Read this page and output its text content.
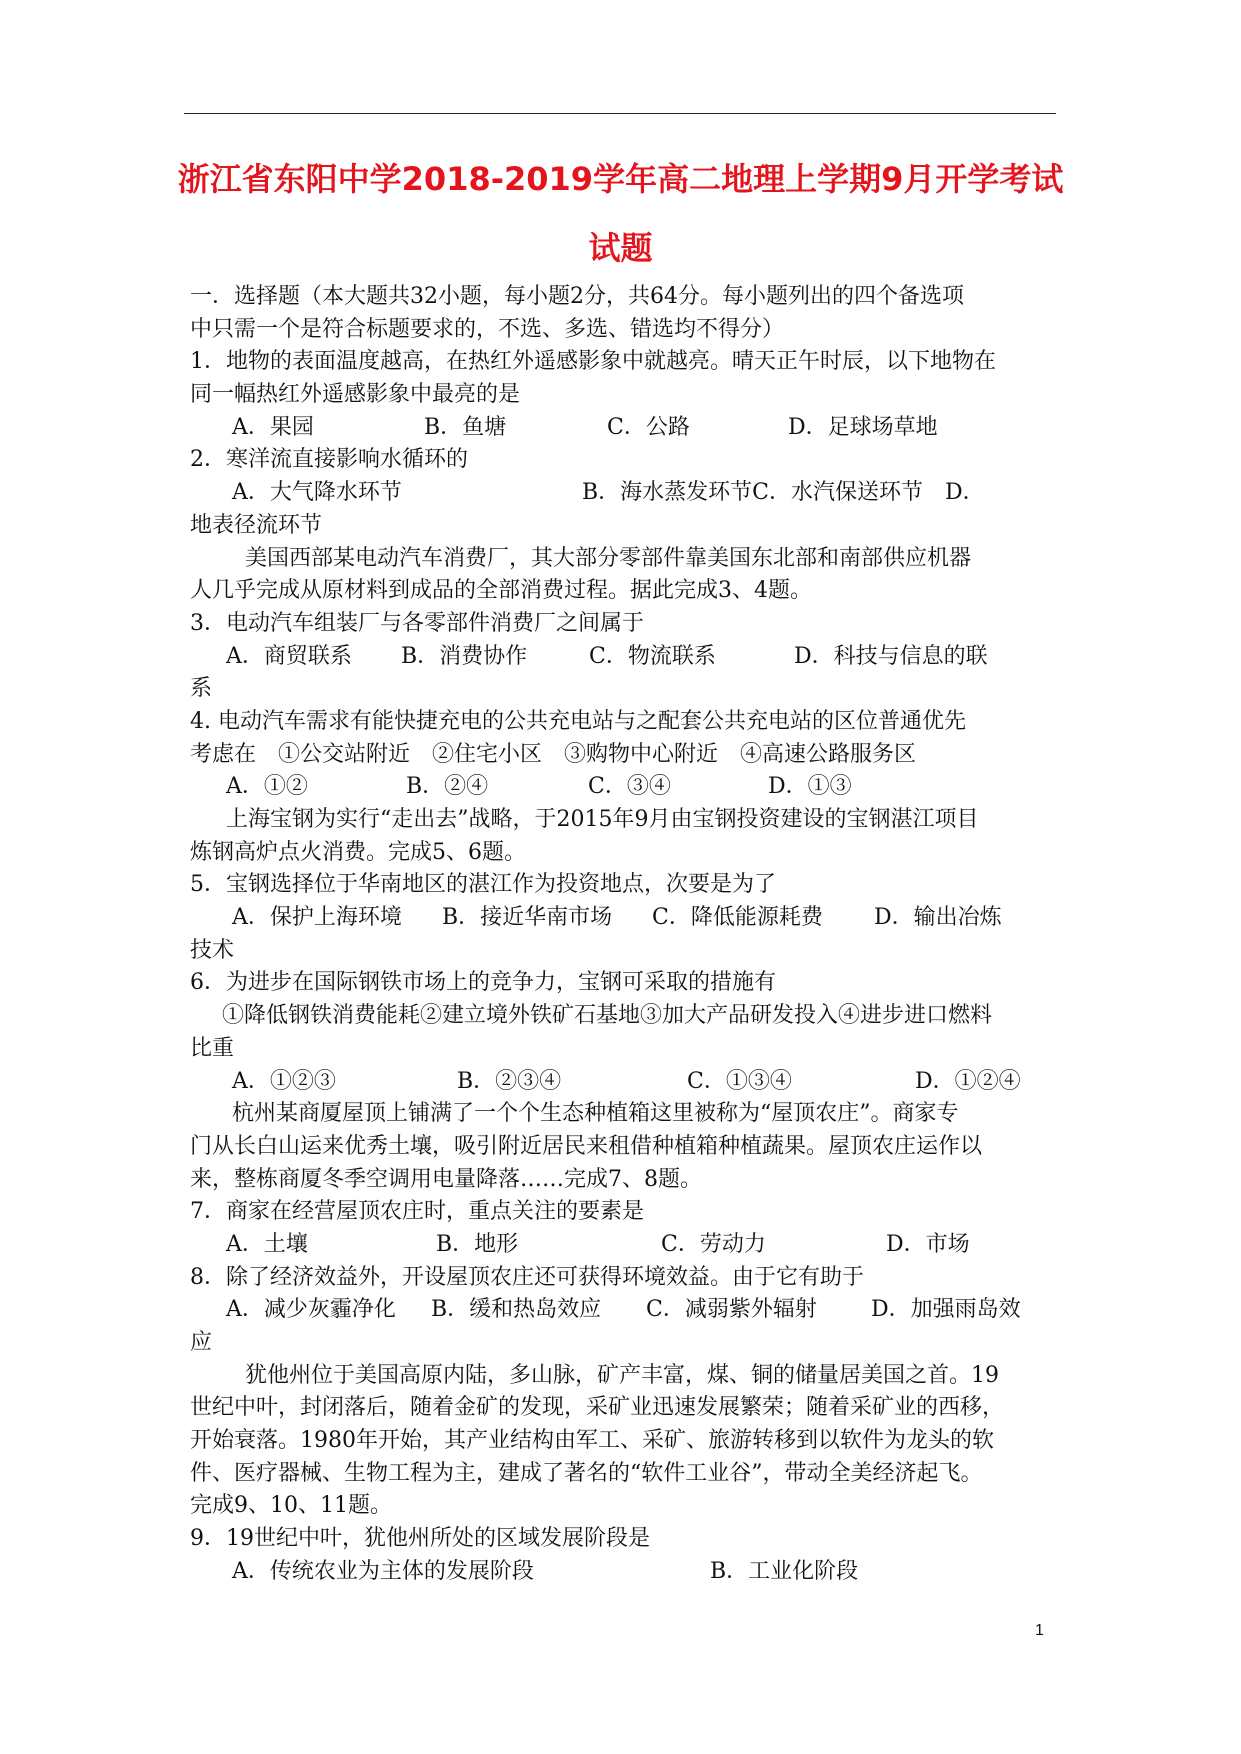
浙江省东阳中学2018-2019学年高二地理上学期9月开学考试
试题
一．选择题（本大题共32小题，每小题2分，共64分。每小题列出的四个备选项
中只需一个是符合标题要求的，不选、多选、错选均不得分）
1．地物的表面温度越高，在热红外遥感影象中就越亮。晴天正午时辰，以下地物在
同一幅热红外遥感影象中最亮的是
A．果园	B．鱼塘	C．公路	D．足球场草地
2．寒洋流直接影响水循环的
A．大气降水环节	B．海水蒸发环节C．水汽保送环节　D．
地表径流环节
美国西部某电动汽车消费厂，其大部分零部件靠美国东北部和南部供应机器
人几乎完成从原材料到成品的全部消费过程。据此完成3、4题。
3．电动汽车组装厂与各零部件消费厂之间属于
A．商贸联系 B．消费协作	C．物流联系	D．科技与信息的联
系
4. 电动汽车需求有能快捷充电的公共充电站与之配套公共充电站的区位普通优先
考虑在　①公交站附近　②住宅小区　③购物中心附近　④高速公路服务区
A．①②	B．②④	C．③④	D．①③
上海宝钢为实行“走出去”战略，于2015年9月由宝钢投资建设的宝钢湛江项目
炼钢高炉点火消费。完成5、6题。
5．宝钢选择位于华南地区的湛江作为投资地点，次要是为了
A．保护上海环境 B．接近华南市场 C．降低能源耗费 D．输出冶炼
技术
6．为进步在国际钢铁市场上的竞争力，宝钢可采取的措施有
①降低钢铁消费能耗②建立境外铁矿石基地③加大产品研发投入④进步进口燃料
比重
A．①②③	B．②③④	C．①③④	D．①②④
杭州某商厦屋顶上铺满了一个个生态种植箱这里被称为“屋顶农庄”。商家专
门从长白山运来优秀土壤，吸引附近居民来租借种植箱种植蔬果。屋顶农庄运作以
来，整栋商厦冬季空调用电量降落……完成7、8题。
7．商家在经营屋顶农庄时，重点关注的要素是
A．土壤	B．地形	C．劳动力	D．市场
8．除了经济效益外，开设屋顶农庄还可获得环境效益。由于它有助于
A．减少灰霾净化 B．缓和热岛效应 C．减弱紫外辐射 D．加强雨岛效
应
犹他州位于美国高原内陆，多山脉，矿产丰富，煤、铜的储量居美国之首。19
世纪中叶，封闭落后，随着金矿的发现，采矿业迅速发展繁荣；随着采矿业的西移，
开始衰落。1980年开始，其产业结构由军工、采矿、旅游转移到以软件为龙头的软
件、医疗器械、生物工程为主，建成了著名的“软件工业谷”，带动全美经济起飞。
完成9、10、11题。
9．19世纪中叶，犹他州所处的区域发展阶段是
A．传统农业为主体的发展阶段	B．工业化阶段
1
